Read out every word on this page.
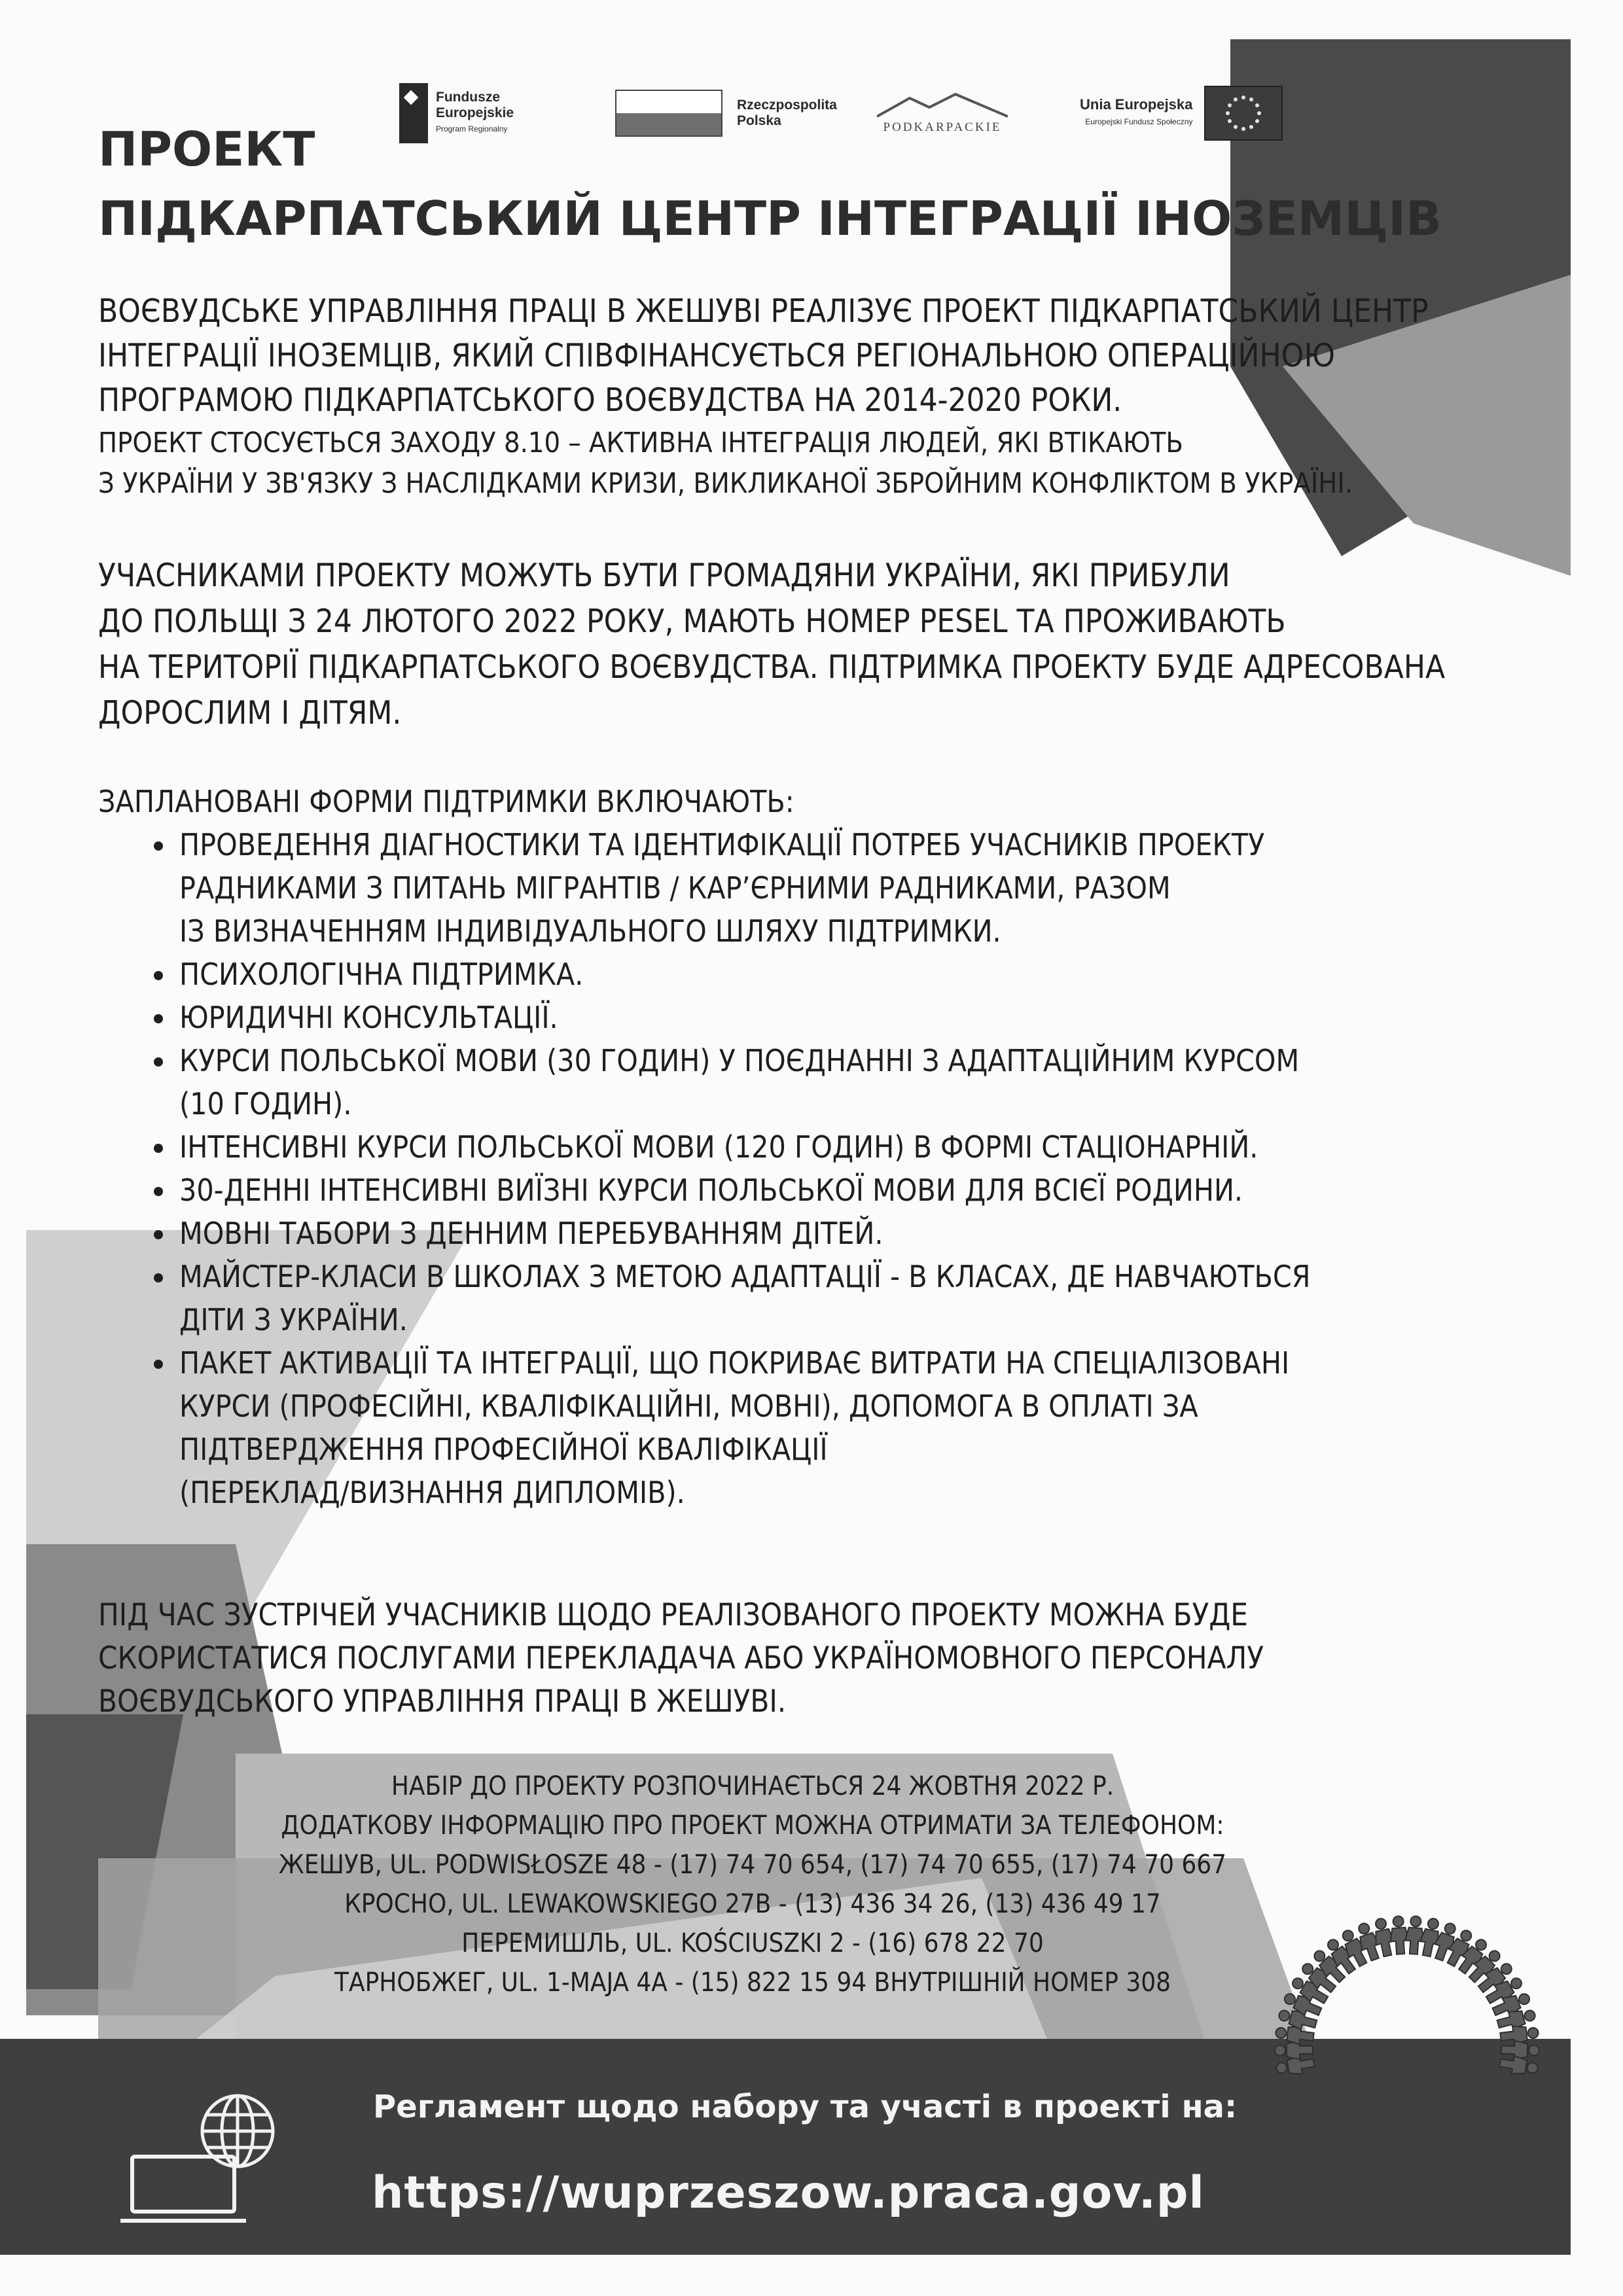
Fundusze
Europejskie
Program Regionalny
Rzeczpospolita
Polska	PODKARPACKIE
Unia Europejska
Europejski Fundusz Społeczny
ПРОЕКТ
ПІДКАРПАТСЬКИЙ ЦЕНТР ІНТЕГРАЦІЇ ІНОЗЕМЦІВ
ВОЄВУДСЬКЕ УПРАВЛІННЯ ПРАЦІ В ЖЕШУВІ РЕАЛІЗУЄ ПРОЕКТ ПІДКАРПАТСЬКИЙ ЦЕНТР
ІНТЕГРАЦІЇ ІНОЗЕМЦІВ, ЯКИЙ СПІВФІНАНСУЄТЬСЯ РЕГІОНАЛЬНОЮ ОПЕРАЦІЙНОЮ
ПРОГРАМОЮ ПІДКАРПАТСЬКОГО ВОЄВУДСТВА НА 2014-2020 РОКИ.
ПРОЕКТ СТОСУЄТЬСЯ ЗАХОДУ 8.10 – АКТИВНА ІНТЕГРАЦІЯ ЛЮДЕЙ, ЯКІ ВТІКАЮТЬ
З УКРАЇНИ У ЗВ'ЯЗКУ З НАСЛІДКАМИ КРИЗИ, ВИКЛИКАНОЇ ЗБРОЙНИМ КОНФЛІКТОМ В УКРАЇНІ.
УЧАСНИКАМИ ПРОЕКТУ МОЖУТЬ БУТИ ГРОМАДЯНИ УКРАЇНИ, ЯКІ ПРИБУЛИ
ДО ПОЛЬЩІ З 24 ЛЮТОГО 2022 РОКУ, МАЮТЬ НОМЕР PESEL ТА ПРОЖИВАЮТЬ
НА ТЕРИТОРІЇ ПІДКАРПАТСЬКОГО ВОЄВУДСТВА. ПІДТРИМКА ПРОЕКТУ БУДЕ АДРЕСОВАНА
ДОРОСЛИМ І ДІТЯМ.
ЗАПЛАНОВАНІ ФОРМИ ПІДТРИМКИ ВКЛЮЧАЮТЬ:
• ПРОВЕДЕННЯ ДІАГНОСТИКИ ТА ІДЕНТИФІКАЦІЇ ПОТРЕБ УЧАСНИКІВ ПРОЕКТУ
РАДНИКАМИ З ПИТАНЬ МІГРАНТІВ / КАР’ЄРНИМИ РАДНИКАМИ, РАЗОМ
ІЗ ВИЗНАЧЕННЯМ ІНДИВІДУАЛЬНОГО ШЛЯХУ ПІДТРИМКИ.
• ПСИХОЛОГІЧНА ПІДТРИМКА.
• ЮРИДИЧНІ КОНСУЛЬТАЦІЇ.
• КУРСИ ПОЛЬСЬКОЇ МОВИ (30 ГОДИН) У ПОЄДНАННІ З АДАПТАЦІЙНИМ КУРСОМ
(10 ГОДИН).
• ІНТЕНСИВНІ КУРСИ ПОЛЬСЬКОЇ МОВИ (120 ГОДИН) В ФОРМІ СТАЦІОНАРНІЙ.
• 30-ДЕННІ ІНТЕНСИВНІ ВИЇЗНІ КУРСИ ПОЛЬСЬКОЇ МОВИ ДЛЯ ВСІЄЇ РОДИНИ.
• МОВНІ ТАБОРИ З ДЕННИМ ПЕРЕБУВАННЯМ ДІТЕЙ.
• МАЙСТЕР-КЛАСИ В ШКОЛАХ З МЕТОЮ АДАПТАЦІЇ - В КЛАСАХ, ДЕ НАВЧАЮТЬСЯ
ДІТИ З УКРАЇНИ.
• ПАКЕТ АКТИВАЦІЇ ТА ІНТЕГРАЦІЇ, ЩО ПОКРИВАЄ ВИТРАТИ НА СПЕЦІАЛІЗОВАНІ
КУРСИ (ПРОФЕСІЙНІ, КВАЛІФІКАЦІЙНІ, МОВНІ), ДОПОМОГА В ОПЛАТІ ЗА
ПІДТВЕРДЖЕННЯ ПРОФЕСІЙНОЇ КВАЛІФІКАЦІЇ
(ПЕРЕКЛАД/ВИЗНАННЯ ДИПЛОМІВ).
ПІД ЧАС ЗУСТРІЧЕЙ УЧАСНИКІВ ЩОДО РЕАЛІЗОВАНОГО ПРОЕКТУ МОЖНА БУДЕ
СКОРИСТАТИСЯ ПОСЛУГАМИ ПЕРЕКЛАДАЧА АБО УКРАЇНОМОВНОГО ПЕРСОНАЛУ
ВОЄВУДСЬКОГО УПРАВЛІННЯ ПРАЦІ В ЖЕШУВІ.
НАБІР ДО ПРОЕКТУ РОЗПОЧИНАЄТЬСЯ 24 ЖОВТНЯ 2022 Р.
ДОДАТКОВУ ІНФОРМАЦІЮ ПРО ПРОЕКТ МОЖНА ОТРИМАТИ ЗА ТЕЛЕФОНОМ:
ЖЕШУВ, UL. PODWISŁOSZE 48 - (17) 74 70 654, (17) 74 70 655, (17) 74 70 667
КРОСНО, UL. LEWAKOWSKIEGO 27B - (13) 436 34 26, (13) 436 49 17
ПЕРЕМИШЛЬ, UL. KOŚCIUSZKI 2 - (16) 678 22 70
ТАРНОБЖЕГ, UL. 1-MAJA 4A - (15) 822 15 94 ВНУТРІШНІЙ НОМЕР 308
Регламент щодо набору та участі в проекті на:
https://wuprzeszow.praca.gov.pl
